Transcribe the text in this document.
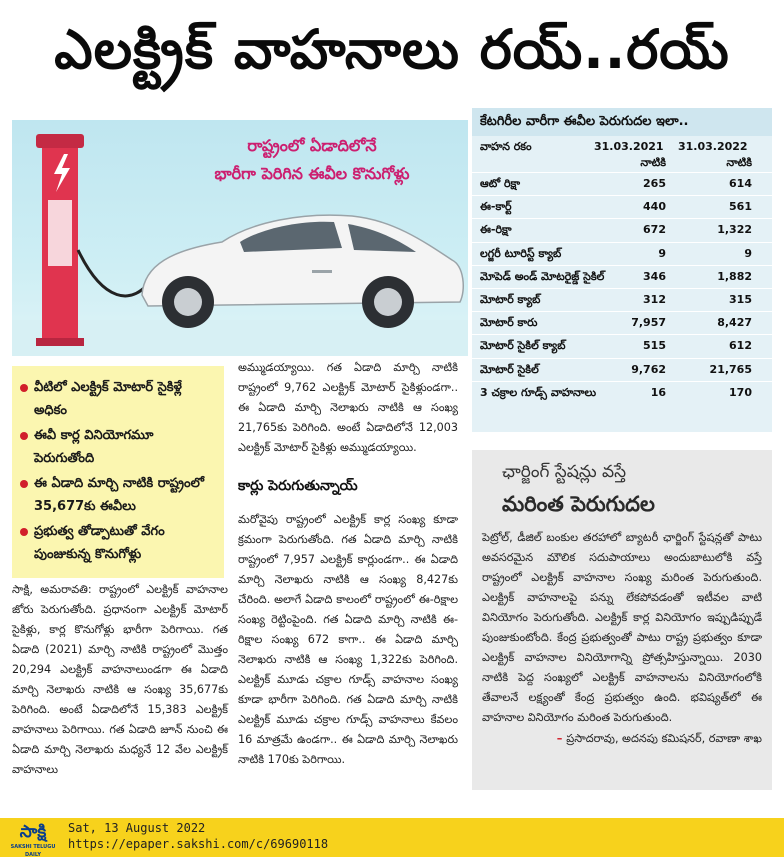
ఎలక్ట్రిక్ వాహనాలు రయ్..రయ్
రాష్ట్రంలో ఏడాదిలోనే
భారీగా పెరిగిన ఈవీల కొనుగోళ్లు
వీటిలో ఎలక్ట్రిక్ మోటార్ సైకిళ్లే అధికం
ఈవీ కార్ల వినియోగమూ పెరుగుతోంది
ఈ ఏడాది మార్చి నాటికి రాష్ట్రంలో 35,677కు ఈవీలు
ప్రభుత్వ తోడ్పాటుతో వేగం పుంజుకున్న కొనుగోళ్లు
సాక్షి, అమరావతి: రాష్ట్రంలో ఎలక్ట్రిక్ వాహనాల జోరు పెరుగుతోంది. ప్రధానంగా ఎలక్ట్రిక్ మోటార్ సైకిళ్లు, కార్ల కొనుగోళ్లు భారీగా పెరిగాయి. గత ఏడాది (2021) మార్చి నాటికి రాష్ట్రంలో మొత్తం 20,294 ఎలక్ట్రిక్ వాహనాలుండగా ఈ ఏడాది మార్చి నెలాఖరు నాటికి ఆ సంఖ్య 35,677కు పెరిగింది. అంటే ఏడాదిలోనే 15,383 ఎలక్ట్రిక్ వాహనాలు పెరిగాయి. గత ఏడాది జూన్ నుంచి ఈ ఏడాది మార్చి నెలాఖరు మధ్యనే 12 వేల ఎలక్ట్రిక్ వాహనాలు
అమ్ముడయ్యాయి. గత ఏడాది మార్చి నాటికి రాష్ట్రంలో 9,762 ఎలక్ట్రిక్ మోటార్ సైకిళ్లుండగా.. ఈ ఏడాది మార్చి నెలాఖరు నాటికి ఆ సంఖ్య 21,765కు పెరిగింది. అంటే ఏడాదిలోనే 12,003 ఎలక్ట్రిక్ మోటార్ సైకిళ్లు అమ్ముడయ్యాయి.
కార్లు పెరుగుతున్నాయ్
మరోవైపు రాష్ట్రంలో ఎలక్ట్రిక్ కార్ల సంఖ్య కూడా క్రమంగా పెరుగుతోంది. గత ఏడాది మార్చి నాటికి రాష్ట్రంలో 7,957 ఎలక్ట్రిక్ కార్లుండగా.. ఈ ఏడాది మార్చి నెలాఖరు నాటికి ఆ సంఖ్య 8,427కు చేరింది. అలాగే ఏడాది కాలంలో రాష్ట్రంలో ఈ-రిక్షాల సంఖ్య రెట్టింపైంది. గత ఏడాది మార్చి నాటికి ఈ-రిక్షాల సంఖ్య 672 కాగా.. ఈ ఏడాది మార్చి నెలాఖరు నాటికి ఆ సంఖ్య 1,322కు పెరిగింది. ఎలక్ట్రిక్ మూడు చక్రాల గూడ్స్ వాహనాల సంఖ్య కూడా భారీగా పెరిగింది. గత ఏడాది మార్చి నాటికి ఎలక్ట్రిక్ మూడు చక్రాల గూడ్స్ వాహనాలు కేవలం 16 మాత్రమే ఉండగా.. ఈ ఏడాది మార్చి నెలాఖరు నాటికి 170కు పెరిగాయి.
కేటగిరీల వారీగా ఈవీల పెరుగుదల ఇలా..
వాహన రకం	31.03.2021 31.03.2022
నాటికి	నాటికి
ఆటో రిక్షా	265	614
ఈ-కార్ట్	440	561
ఈ-రిక్షా	672	1,322
లగ్జరీ టూరిస్ట్ క్యాబ్	9	9
మోపెడ్ అండ్ మోటరైజ్డ్ సైకిల్	346	1,882
మోటార్ క్యాబ్	312	315
మోటార్ కారు	7,957	8,427
మోటార్ సైకిల్ క్యాబ్	515	612
మోటార్ సైకిల్	9,762	21,765
3 చక్రాల గూడ్స్ వాహనాలు	16	170
ఛార్జింగ్ స్టేషన్లు వస్తే
మరింత పెరుగుదల
పెట్రోల్, డీజిల్ బంకుల తరహాలో బ్యాటరీ ఛార్జింగ్ స్టేషన్లతో పాటు అవసరమైన మౌలిక సదుపాయాలు అందుబాటులోకి వస్తే రాష్ట్రంలో ఎలక్ట్రిక్ వాహనాల సంఖ్య మరింత పెరుగుతుంది. ఎలక్ట్రిక్ వాహనాలపై పన్ను లేకపోవడంతో ఇటీవల వాటి వినియోగం పెరుగుతోంది. ఎలక్ట్రిక్ కార్ల వినియోగం ఇప్పుడిప్పుడే పుంజుకుంటోంది. కేంద్ర ప్రభుత్వంతో పాటు రాష్ట్ర ప్రభుత్వం కూడా ఎలక్ట్రిక్ వాహనాల వినియోగాన్ని ప్రోత్సహిస్తున్నాయి. 2030 నాటికి పెద్ద సంఖ్యలో ఎలక్ట్రిక్ వాహనాలను వినియోగంలోకి తేవాలనే లక్ష్యంతో కేంద్ర ప్రభుత్వం ఉంది. భవిష్యత్‌లో ఈ వాహనాల వినియోగం మరింత పెరుగుతుంది.
– ప్రసాదరావు, అదనపు కమిషనర్, రవాణా శాఖ
సాక్షి
SAKSHI TELUGU DAILY
Sat, 13 August 2022
https://epaper.sakshi.com/c/69690118
